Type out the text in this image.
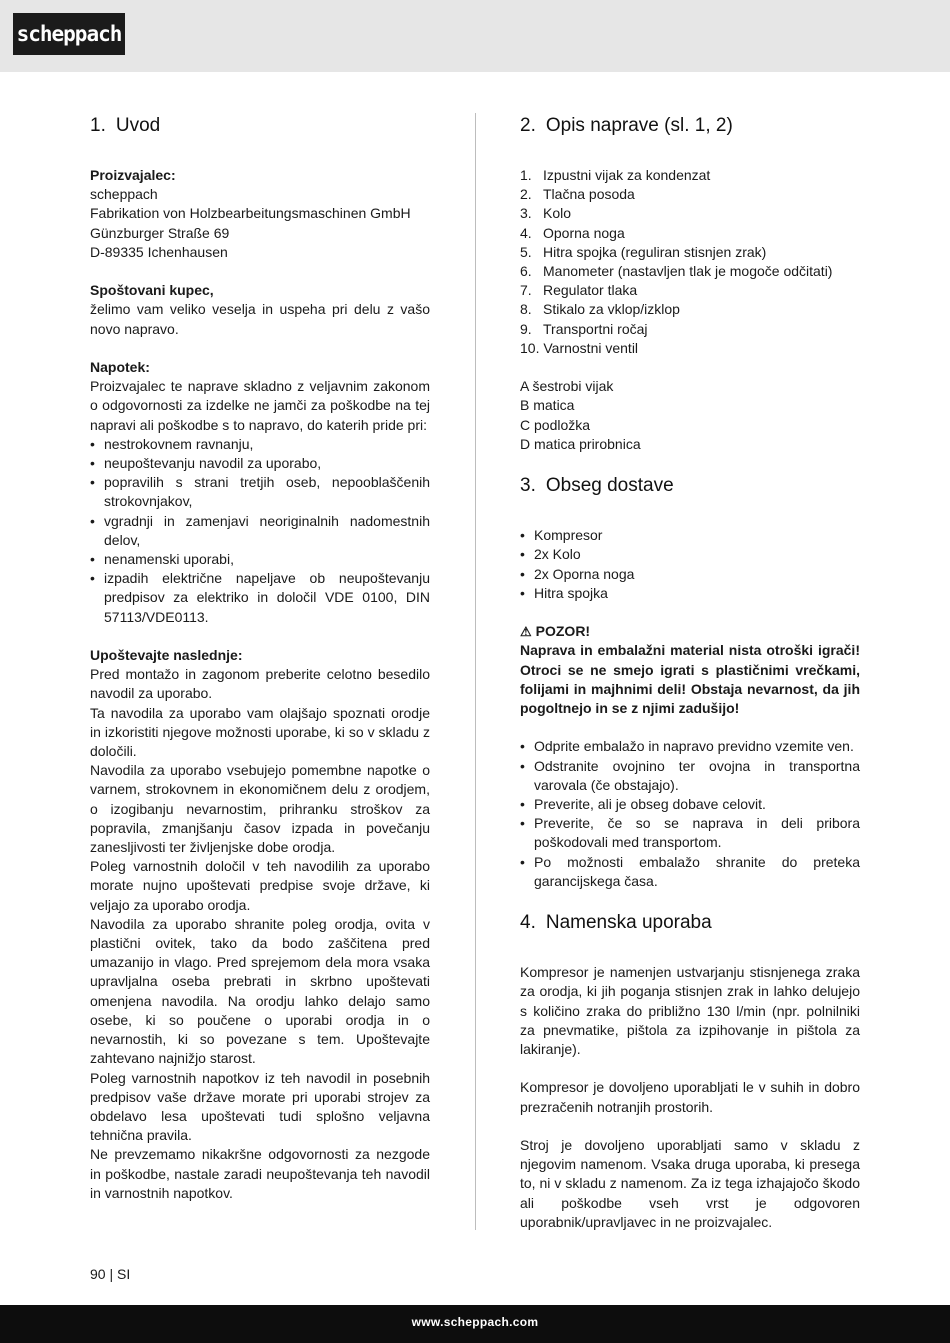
scheppach
1. Uvod
Proizvajalec:
scheppach
Fabrikation von Holzbearbeitungsmaschinen GmbH
Günzburger Straße 69
D-89335 Ichenhausen
Spoštovani kupec,

želimo vam veliko veselja in uspeha pri delu z vašo novo napravo.

Napotek:

Proizvajalec te naprave skladno z veljavnim zakonom o odgovornosti za izdelke ne jamči za poškodbe na tej napravi ali poškodbe s to napravo, do katerih pride pri:

• nestrokovnem ravnanju,
• neupoštevanju navodil za uporabo,
• popravilih s strani tretjih oseb, nepooblaščenih strokovnjakov,
• vgradnji in zamenjavi neoriginalnih nadomestnih delov,
• nenamenski uporabi,
• izpadih električne napeljave ob neupoštevanju predpisov za elektriko in določil VDE 0100, DIN 57113/VDE0113.
Upoštevajte naslednje:

Pred montažo in zagonom preberite celotno besedilo navodil za uporabo.

Ta navodila za uporabo vam olajšajo spoznati orodje in izkoristiti njegove možnosti uporabe, ki so v skladu z določili.

Navodila za uporabo vsebujejo pomembne napotke o varnem, strokovnem in ekonomičnem delu z orodjem, o izogibanju nevarnostim, prihranku stroškov za popravila, zmanjšanju časov izpada in povečanju zanesljivosti ter življenjske dobe orodja.

Poleg varnostnih določil v teh navodilih za uporabo morate nujno upoštevati predpise svoje države, ki veljajo za uporabo orodja.

Navodila za uporabo shranite poleg orodja, ovita v plastični ovitek, tako da bodo zaščitena pred umazanijo in vlago. Pred sprejemom dela mora vsaka upravljalna oseba prebrati in skrbno upoštevati omenjena navodila. Na orodju lahko delajo samo osebe, ki so poučene o uporabi orodja in o nevarnostih, ki so povezane s tem. Upoštevajte zahtevano najnižjo starost.

Poleg varnostnih napotkov iz teh navodil in posebnih predpisov vaše države morate pri uporabi strojev za obdelavo lesa upoštevati tudi splošno veljavna tehnična pravila.

Ne prevzemamo nikakršne odgovornosti za nezgode in poškodbe, nastale zaradi neupoštevanja teh navodil in varnostnih napotkov.

2. Opis naprave (sl. 1, 2)
1. Izpustni vijak za kondenzat
2. Tlačna posoda
3. Kolo
4. Oporna noga
5. Hitra spojka (reguliran stisnjen zrak)
6. Manometer (nastavljen tlak je mogoče odčitati)
7. Regulator tlaka
8. Stikalo za vklop/izklop
9. Transportni ročaj
10. Varnostni ventil
A šestrobi vijak
B matica
C podložka
D matica prirobnica
3. Obseg dostave
• Kompresor
• 2x Kolo
• 2x Oporna noga
• Hitra spojka
⚠ POZOR!

Naprava in embalažni material nista otroški igrači! Otroci se ne smejo igrati s plastičnimi vrečkami, folijami in majhnimi deli! Obstaja nevarnost, da jih pogoltnejo in se z njimi zadušijo!

• Odprite embalažo in napravo previdno vzemite ven.
• Odstranite ovojnino ter ovojna in transportna varovala (če obstajajo).
• Preverite, ali je obseg dobave celovit.
• Preverite, če so se naprava in deli pribora poškodovali med transportom.
• Po možnosti embalažo shranite do preteka garancijskega časa.
4. Namenska uporaba

Kompresor je namenjen ustvarjanju stisnjenega zraka za orodja, ki jih poganja stisnjen zrak in lahko delujejo s količino zraka do približno 130 l/min (npr. polnilniki za pnevmatike, pištola za izpihovanje in pištola za lakiranje).

Kompresor je dovoljeno uporabljati le v suhih in dobro prezračenih notranjih prostorih.

Stroj je dovoljeno uporabljati samo v skladu z njegovim namenom. Vsaka druga uporaba, ki presega to, ni v skladu z namenom. Za iz tega izhajajočo škodo ali poškodbe vseh vrst je odgovoren uporabnik/upravljavec in ne proizvajalec.

90 | SI
www.scheppach.com
